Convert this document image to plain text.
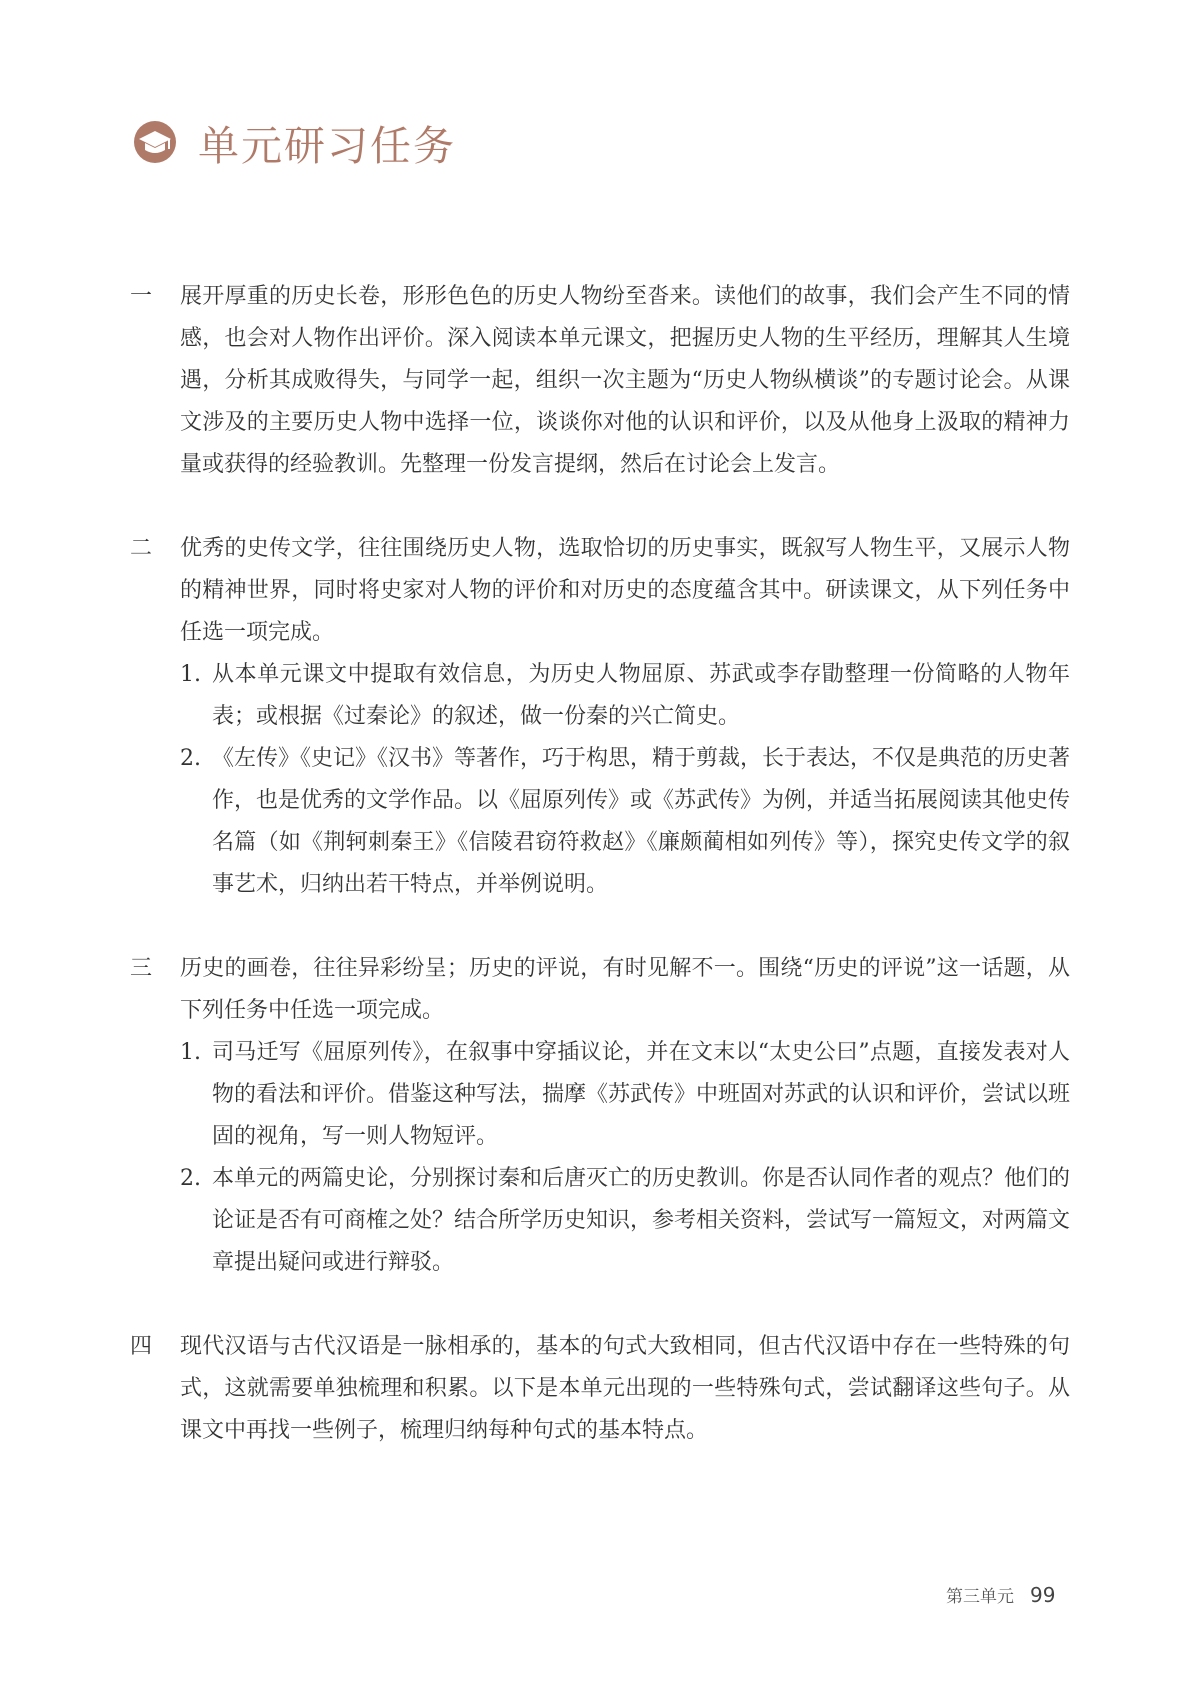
单元研习任务
一	展开厚重的历史长卷，形形色色的历史人物纷至沓来。读他们的故事，我们会产生不同的情感，也会对人物作出评价。深入阅读本单元课文，把握历史人物的生平经历，理解其人生境遇，分析其成败得失，与同学一起，组织一次主题为“历史人物纵横谈”的专题讨论会。从课文涉及的主要历史人物中选择一位，谈谈你对他的认识和评价，以及从他身上汲取的精神力量或获得的经验教训。先整理一份发言提纲，然后在讨论会上发言。
二	优秀的史传文学，往往围绕历史人物，选取恰切的历史事实，既叙写人物生平，又展示人物的精神世界，同时将史家对人物的评价和对历史的态度蕴含其中。研读课文，从下列任务中任选一项完成。
1. 从本单元课文中提取有效信息，为历史人物屈原、苏武或李存勖整理一份简略的人物年表；或根据《过秦论》的叙述，做一份秦的兴亡简史。
2. 《左传》《史记》《汉书》等著作，巧于构思，精于剪裁，长于表达，不仅是典范的历史著作，也是优秀的文学作品。以《屈原列传》或《苏武传》为例，并适当拓展阅读其他史传名篇（如《荆轲刺秦王》《信陵君窃符救赵》《廉颇蔺相如列传》等），探究史传文学的叙事艺术，归纳出若干特点，并举例说明。
三	历史的画卷，往往异彩纷呈；历史的评说，有时见解不一。围绕“历史的评说”这一话题，从下列任务中任选一项完成。
1. 司马迁写《屈原列传》，在叙事中穿插议论，并在文末以“太史公曰”点题，直接发表对人物的看法和评价。借鉴这种写法，揣摩《苏武传》中班固对苏武的认识和评价，尝试以班固的视角，写一则人物短评。
2. 本单元的两篇史论，分别探讨秦和后唐灭亡的历史教训。你是否认同作者的观点？他们的论证是否有可商榷之处？结合所学历史知识，参考相关资料，尝试写一篇短文，对两篇文章提出疑问或进行辩驳。
四	现代汉语与古代汉语是一脉相承的，基本的句式大致相同，但古代汉语中存在一些特殊的句式，这就需要单独梳理和积累。以下是本单元出现的一些特殊句式，尝试翻译这些句子。从课文中再找一些例子，梳理归纳每种句式的基本特点。
第三单元 99
